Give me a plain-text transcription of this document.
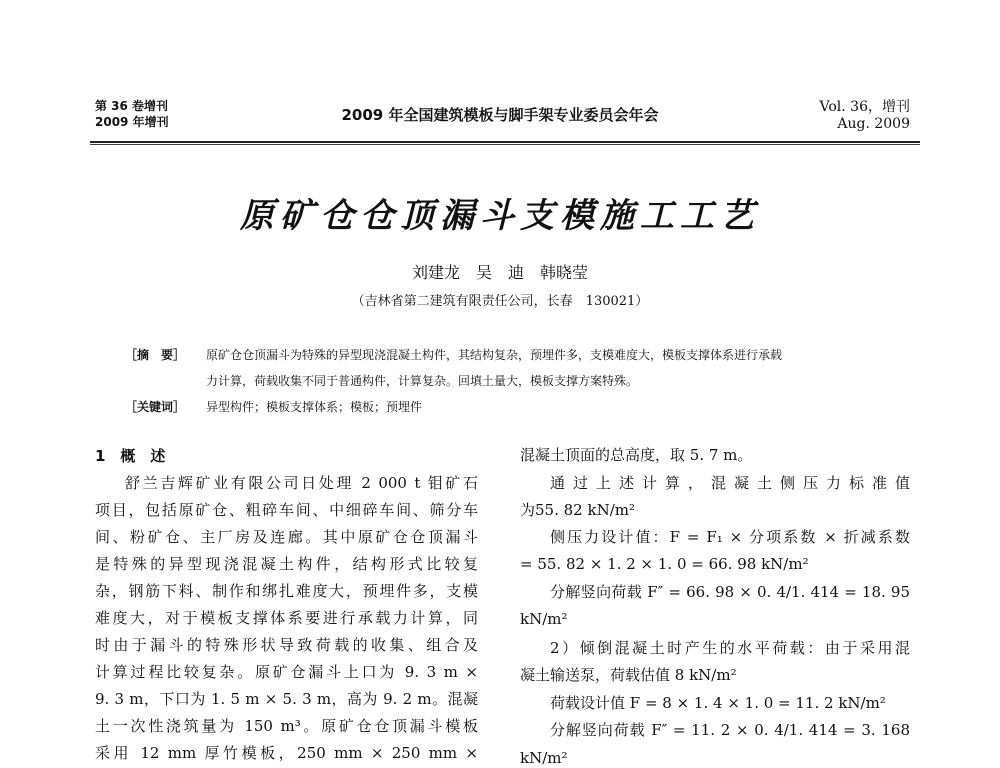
第 36 卷增刊
2009 年增刊	2009 年全国建筑模板与脚手架专业委员会年会	Vol. 36，增刊
Aug. 2009
原矿仓仓顶漏斗支模施工工艺
刘建龙　吴　迪　韩晓莹
（吉林省第二建筑有限责任公司，长春　130021）
［摘　要］ 原矿仓仓顶漏斗为特殊的异型现浇混凝土构件，其结构复杂，预埋件多，支模难度大，模板支撑体系进行承载
力计算，荷载收集不同于普通构件，计算复杂。回填土量大，模板支撑方案特殊。
［关键词］ 异型构件；模板支撑体系；模板；预埋件
1　概　述
舒兰吉辉矿业有限公司日处理 2 000 t 钼矿石
项目，包括原矿仓、粗碎车间、中细碎车间、筛分车
间、粉矿仓、主厂房及连廊。其中原矿仓仓顶漏斗
是特殊的异型现浇混凝土构件，结构形式比较复
杂，钢筋下料、制作和绑扎难度大，预埋件多，支模
难度大，对于模板支撑体系要进行承载力计算，同
时由于漏斗的特殊形状导致荷载的收集、组合及
计算过程比较复杂。原矿仓漏斗上口为 9. 3 m ×
9. 3 m，下口为 1. 5 m × 5. 3 m，高为 9. 2 m。混凝
土一次性浇筑量为 150 m³。原矿仓仓顶漏斗模板
采用 12 mm 厚竹模板，250 mm × 250 mm ×
混凝土顶面的总高度，取 5. 7 m。
通过上述计算，混凝土侧压力标准值
为55. 82 kN/m²
侧压力设计值：F = F₁ × 分项系数 × 折减系数
= 55. 82 × 1. 2 × 1. 0 = 66. 98 kN/m²
分解竖向荷载 F″ = 66. 98 × 0. 4/1. 414 = 18. 95
kN/m²
2）倾倒混凝土时产生的水平荷载：由于采用混
凝土输送泵，荷载估值 8 kN/m²
荷载设计值 F = 8 × 1. 4 × 1. 0 = 11. 2 kN/m²
分解竖向荷载 F″ = 11. 2 × 0. 4/1. 414 = 3. 168
kN/m²
